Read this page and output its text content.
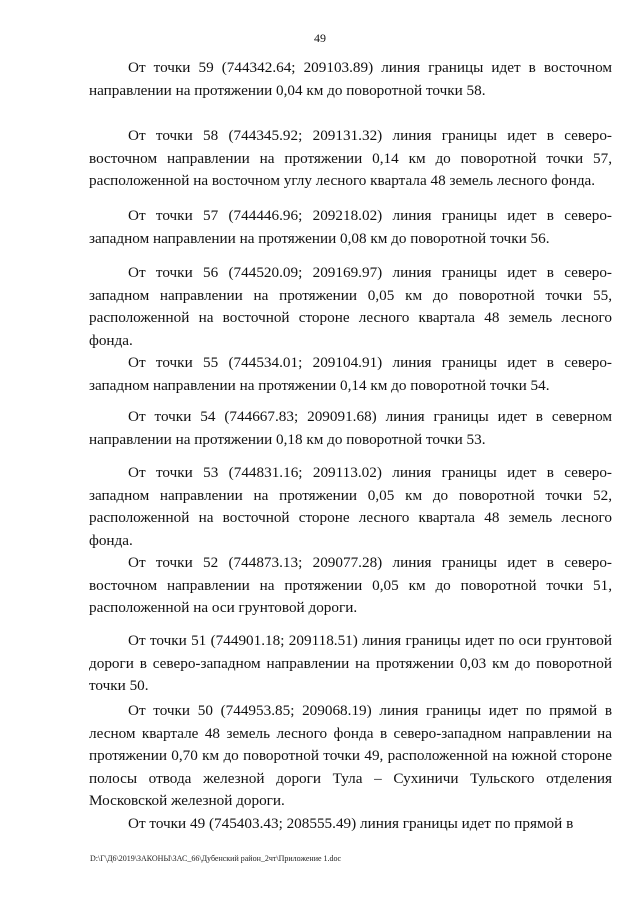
49

От точки 59 (744342.64; 209103.89) линия границы идет в восточном направлении на протяжении 0,04 км до поворотной точки 58.

От точки 58 (744345.92; 209131.32) линия границы идет в северо-восточном направлении на протяжении 0,14 км до поворотной точки 57, расположенной на восточном углу лесного квартала 48 земель лесного фонда.

От точки 57 (744446.96; 209218.02) линия границы идет в северо-западном направлении на протяжении 0,08 км до поворотной точки 56.

От точки 56 (744520.09; 209169.97) линия границы идет в северо-западном направлении на протяжении 0,05 км до поворотной точки 55, расположенной на восточной стороне лесного квартала 48 земель лесного фонда.

От точки 55 (744534.01; 209104.91) линия границы идет в северо-западном направлении на протяжении 0,14 км до поворотной точки 54.

От точки 54 (744667.83; 209091.68) линия границы идет в северном направлении на протяжении 0,18 км до поворотной точки 53.

От точки 53 (744831.16; 209113.02) линия границы идет в северо-западном направлении на протяжении 0,05 км до поворотной точки 52, расположенной на восточной стороне лесного квартала 48 земель лесного фонда.

От точки 52 (744873.13; 209077.28) линия границы идет в северо-восточном направлении на протяжении 0,05 км до поворотной точки 51, расположенной на оси грунтовой дороги.

От точки 51 (744901.18; 209118.51) линия границы идет по оси грунтовой дороги в северо-западном направлении на протяжении 0,03 км до поворотной точки 50.

От точки 50 (744953.85; 209068.19) линия границы идет по прямой в лесном квартале 48 земель лесного фонда в северо-западном направлении на протяжении 0,70 км до поворотной точки 49, расположенной на южной стороне полосы отвода железной дороги Тула – Сухиничи Тульского отделения Московской железной дороги.

От точки 49 (745403.43; 208555.49) линия границы идет по прямой в

D:\Г\Д6\2019\ЗАКОНЫ\ЗАС_66\Дубенский район_2чт\Приложение 1.doc
